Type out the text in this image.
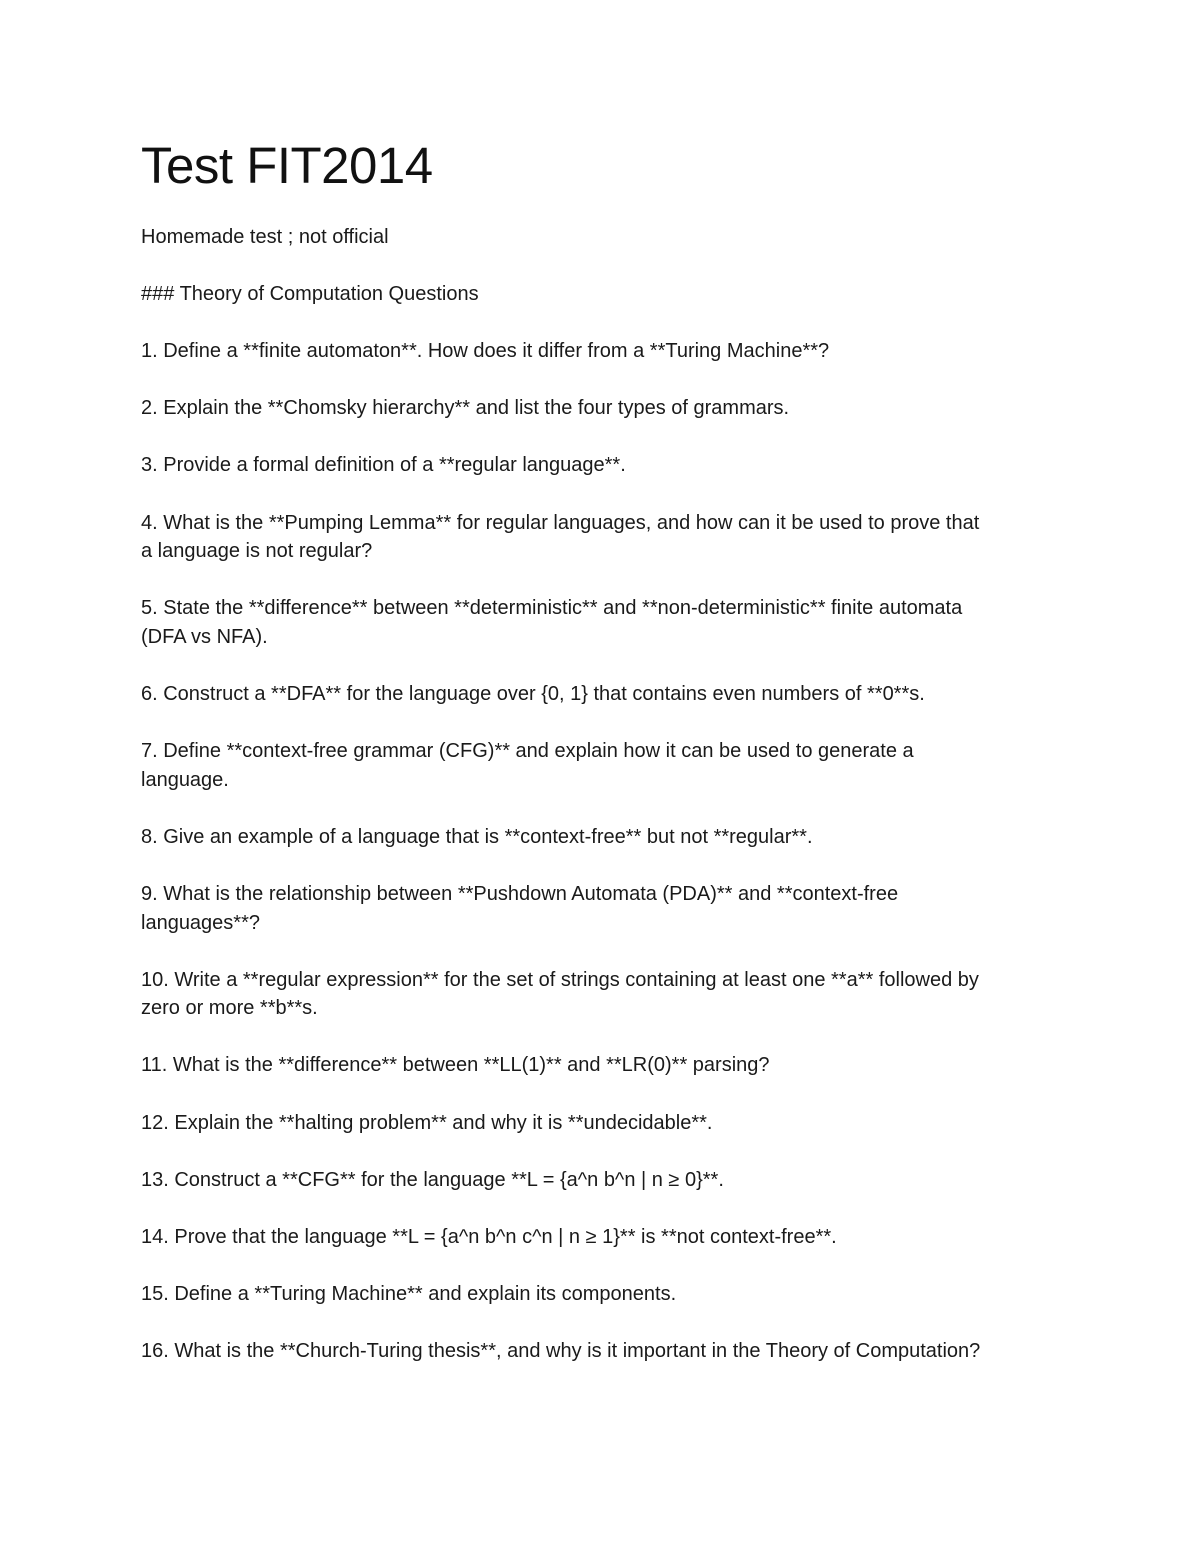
Test FIT2014
Homemade test ; not official
### Theory of Computation Questions
1. Define a **finite automaton**. How does it differ from a **Turing Machine**?
2. Explain the **Chomsky hierarchy** and list the four types of grammars.
3. Provide a formal definition of a **regular language**.
4. What is the **Pumping Lemma** for regular languages, and how can it be used to prove that
a language is not regular?
5. State the **difference** between **deterministic** and **non-deterministic** finite automata
(DFA vs NFA).
6. Construct a **DFA** for the language over {0, 1} that contains even numbers of **0**s.
7. Define **context-free grammar (CFG)** and explain how it can be used to generate a
language.
8. Give an example of a language that is **context-free** but not **regular**.
9. What is the relationship between **Pushdown Automata (PDA)** and **context-free
languages**?
10. Write a **regular expression** for the set of strings containing at least one **a** followed by
zero or more **b**s.
11. What is the **difference** between **LL(1)** and **LR(0)** parsing?
12. Explain the **halting problem** and why it is **undecidable**.
13. Construct a **CFG** for the language **L = {a^n b^n | n ≥ 0}**.
14. Prove that the language **L = {a^n b^n c^n | n ≥ 1}** is **not context-free**.
15. Define a **Turing Machine** and explain its components.
16. What is the **Church-Turing thesis**, and why is it important in the Theory of Computation?
